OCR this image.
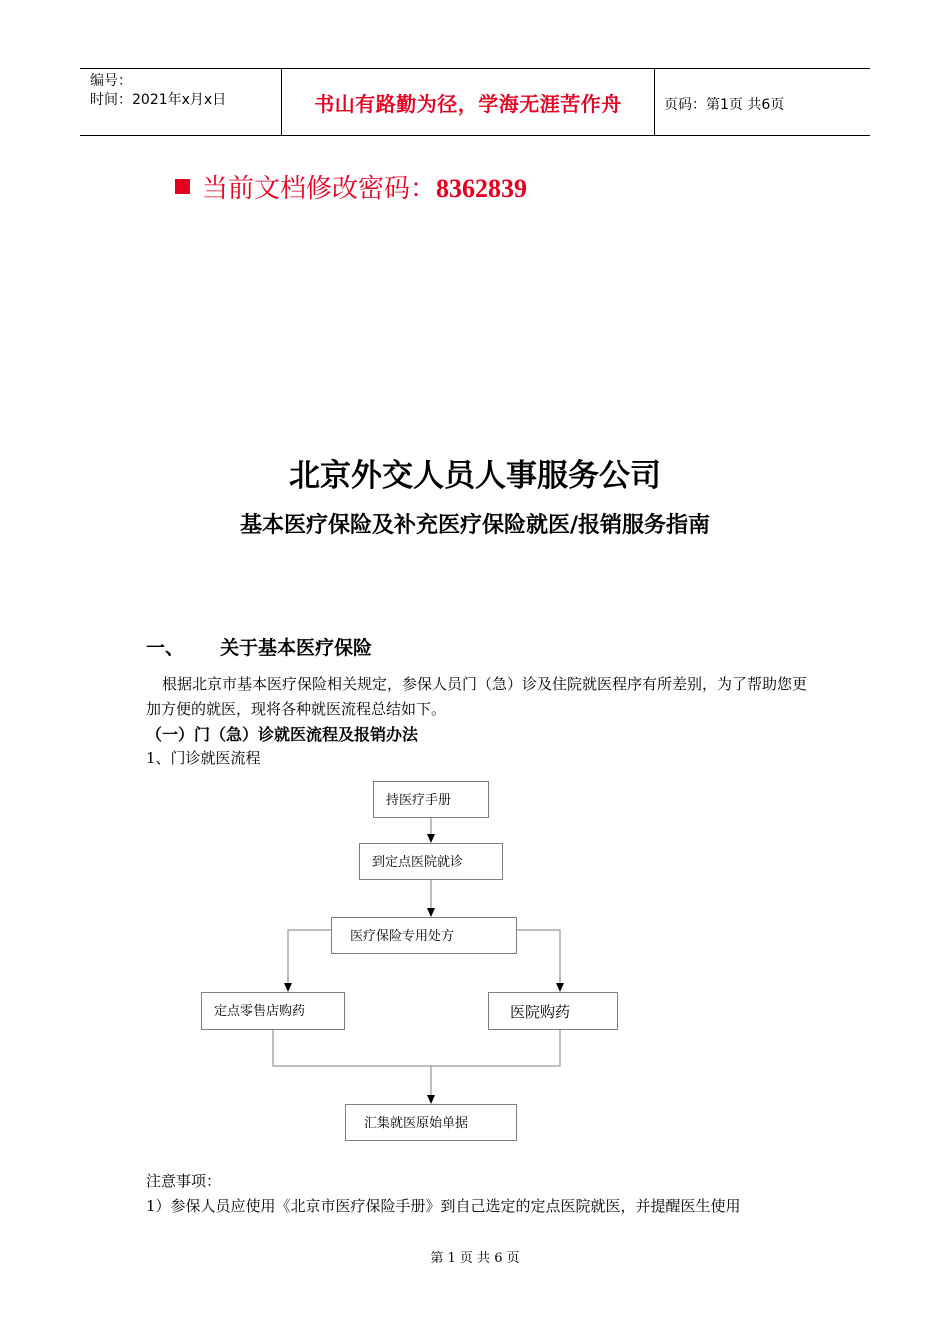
编号：
时间：2021年x月x日	书山有路勤为径，学海无涯苦作舟	页码：第1页 共6页
当前文档修改密码：8362839
北京外交人员人事服务公司
基本医疗保险及补充医疗保险就医/报销服务指南
一、 关于基本医疗保险
根据北京市基本医疗保险相关规定，参保人员门（急）诊及住院就医程序有所差别，为了帮助您更加方便的就医，现将各种就医流程总结如下。
（一）门（急）诊就医流程及报销办法
1、门诊就医流程
持医疗手册
到定点医院就诊
医疗保险专用处方
定点零售店购药	医院购药
汇集就医原始单据
注意事项：
1）参保人员应使用《北京市医疗保险手册》到自己选定的定点医院就医，并提醒医生使用
第 1 页 共 6 页
